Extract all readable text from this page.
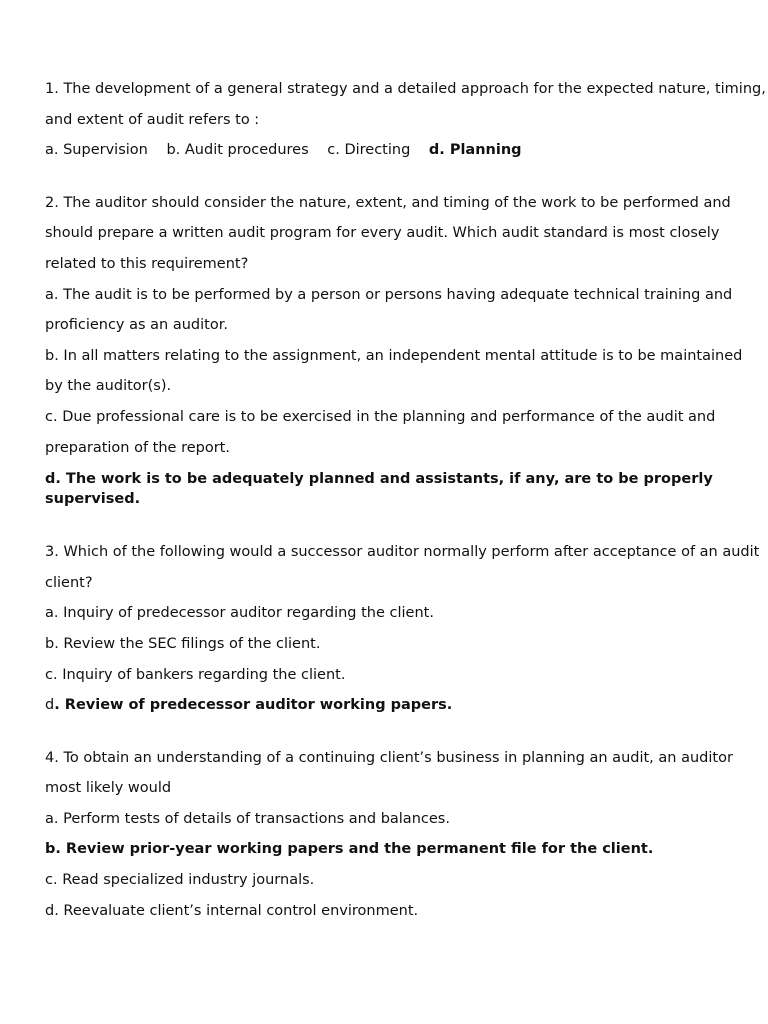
1. The development of a general strategy and a detailed approach for the expected nature, timing,
and extent of audit refers to :
a. Supervision b. Audit procedures c. Directing d. Planning
2. The auditor should consider the nature, extent, and timing of the work to be performed and
should prepare a written audit program for every audit. Which audit standard is most closely
related to this requirement?
a. The audit is to be performed by a person or persons having adequate technical training and
proficiency as an auditor.
b. In all matters relating to the assignment, an independent mental attitude is to be maintained
by the auditor(s).
c. Due professional care is to be exercised in the planning and performance of the audit and
preparation of the report.
d. The work is to be adequately planned and assistants, if any, are to be properly
supervised.
3. Which of the following would a successor auditor normally perform after acceptance of an audit
client?
a. Inquiry of predecessor auditor regarding the client.
b. Review the SEC filings of the client.
c. Inquiry of bankers regarding the client.
d. Review of predecessor auditor working papers.
4. To obtain an understanding of a continuing client’s business in planning an audit, an auditor
most likely would
a. Perform tests of details of transactions and balances.
b. Review prior-year working papers and the permanent file for the client.
c. Read specialized industry journals.
d. Reevaluate client’s internal control environment.
